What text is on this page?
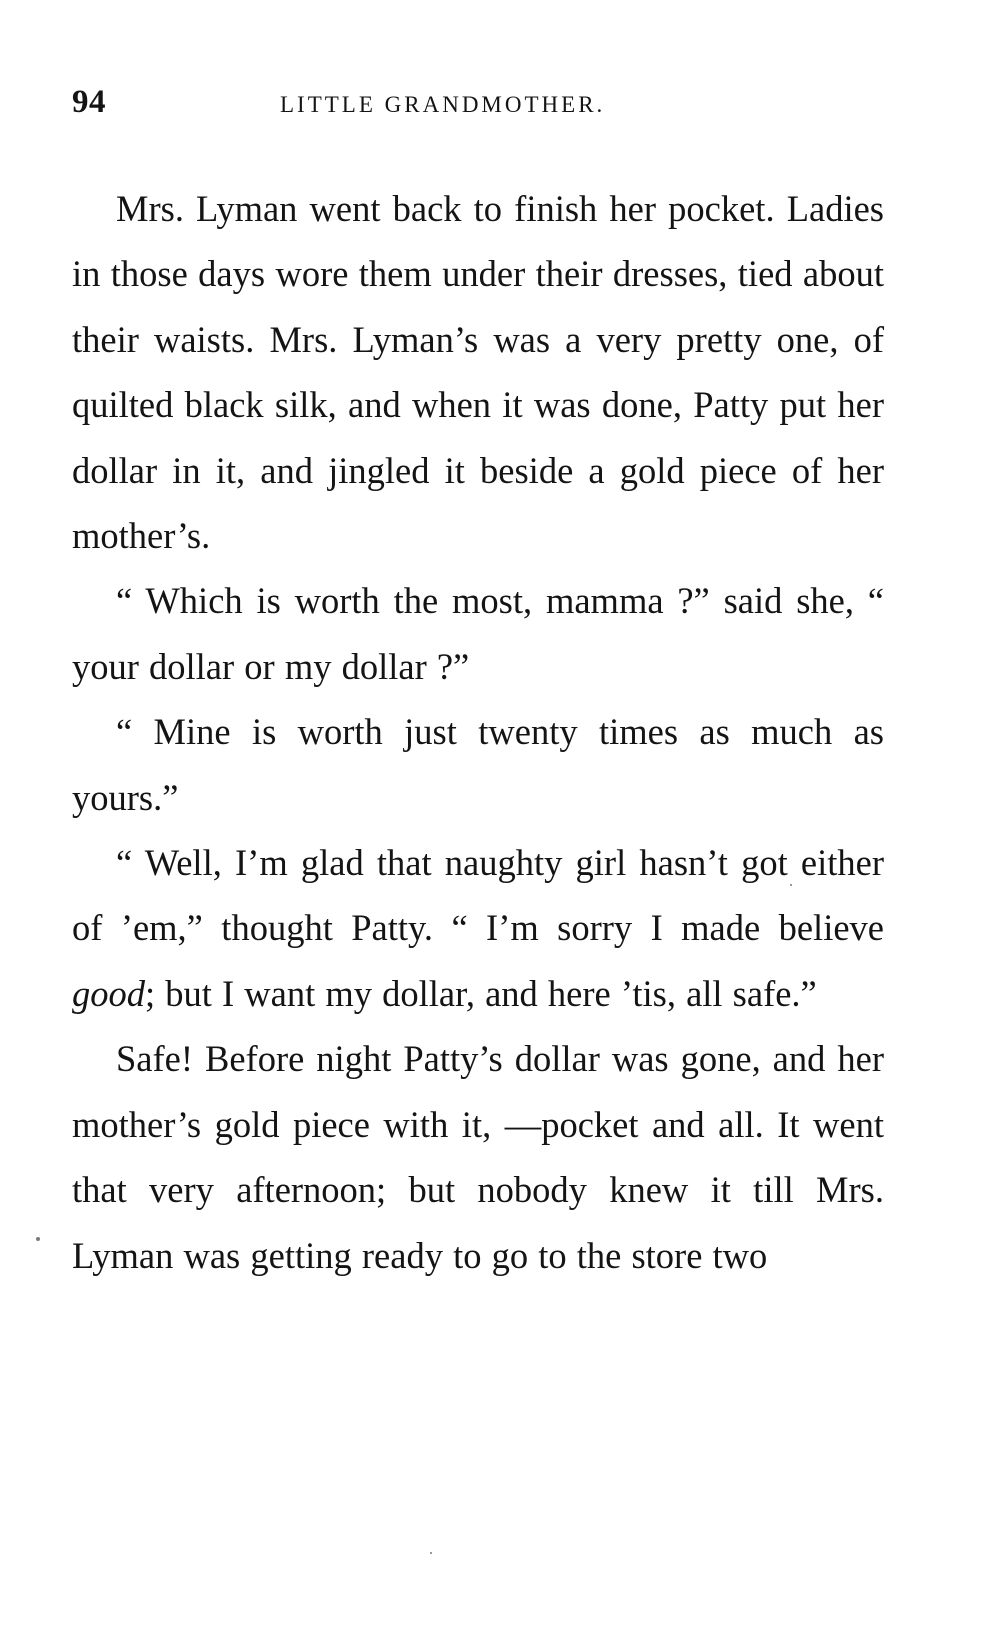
94	LITTLE GRANDMOTHER.

Mrs. Lyman went back to finish her pocket. Ladies in those days wore them under their dresses, tied about their waists. Mrs. Lyman’s was a very pretty one, of quilted black silk, and when it was done, Patty put her dollar in it, and jingled it beside a gold piece of her mother’s.

“ Which is worth the most, mamma ?” said she, “ your dollar or my dollar ?”

“ Mine is worth just twenty times as much as yours.”

“ Well, I’m glad that naughty girl hasn’t got either of ’em,” thought Patty. “ I’m sorry I made believe good; but I want my dollar, and here ’tis, all safe.”

Safe! Before night Patty’s dollar was gone, and her mother’s gold piece with it, —pocket and all. It went that very afternoon; but nobody knew it till Mrs. Lyman was getting ready to go to the store two
